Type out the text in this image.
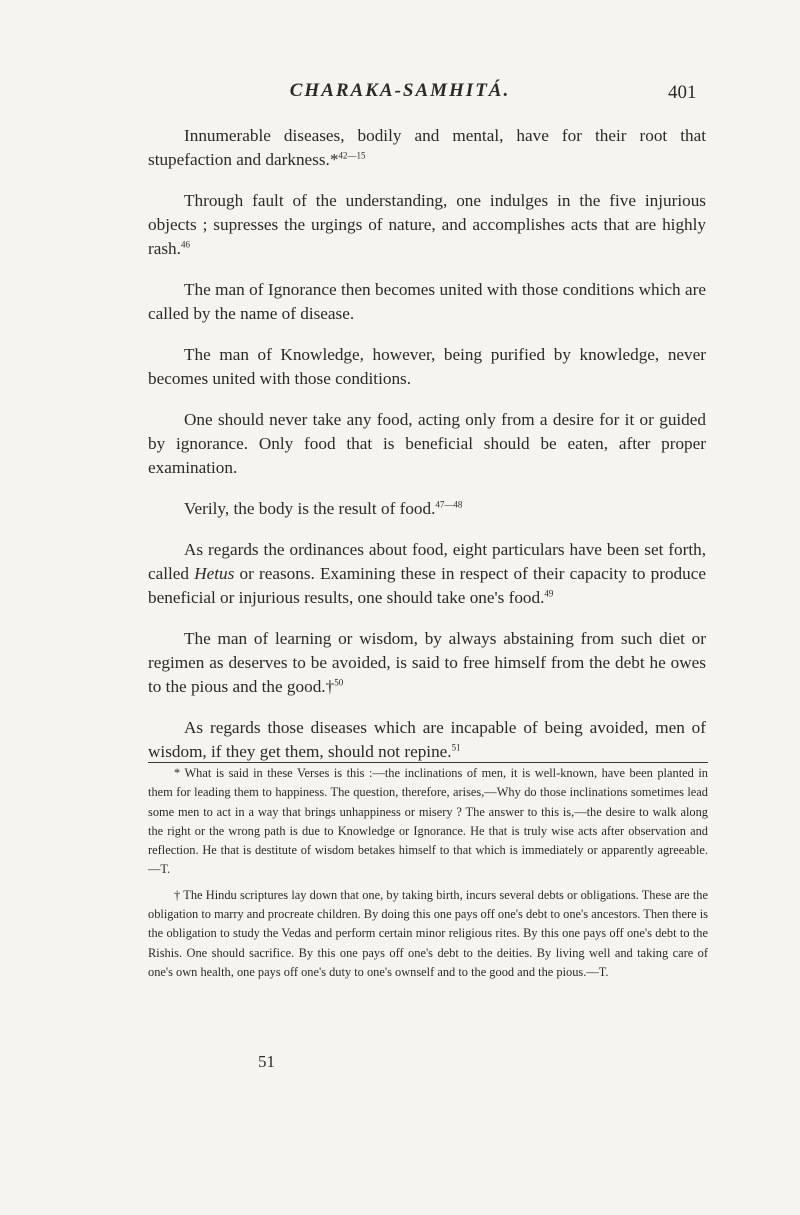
CHARAKA-SAMHITÁ.	401

Innumerable diseases, bodily and mental, have for their root that stupefaction and darkness.*$^{42—15}$

Through fault of the understanding, one indulges in the five injurious objects ; supresses the urgings of nature, and accomplishes acts that are highly rash.$^{46}$

The man of Ignorance then becomes united with those conditions which are called by the name of disease.

The man of Knowledge, however, being purified by knowledge, never becomes united with those conditions.

One should never take any food, acting only from a desire for it or guided by ignorance. Only food that is beneficial should be eaten, after proper examination.

Verily, the body is the result of food.$^{47—48}$

As regards the ordinances about food, eight particulars have been set forth, called Hetus or reasons. Examining these in respect of their capacity to produce beneficial or injurious results, one should take one's food.$^{49}$

The man of learning or wisdom, by always abstaining from such diet or regimen as deserves to be avoided, is said to free himself from the debt he owes to the pious and the good.†$^{50}$

As regards those diseases which are incapable of being avoided, men of wisdom, if they get them, should not repine.$^{51}$

* What is said in these Verses is this :—the inclinations of men, it is well-known, have been planted in them for leading them to happiness. The question, therefore, arises,—Why do those inclinations sometimes lead some men to act in a way that brings unhappiness or misery ? The answer to this is,—the desire to walk along the right or the wrong path is due to Knowledge or Ignorance. He that is truly wise acts after observation and reflection. He that is destitute of wisdom betakes himself to that which is immediately or apparently agreeable.—T.

† The Hindu scriptures lay down that one, by taking birth, incurs several debts or obligations. These are the obligation to marry and procreate children. By doing this one pays off one's debt to one's ancestors. Then there is the obligation to study the Vedas and perform certain minor religious rites. By this one pays off one's debt to the Rishis. One should sacrifice. By this one pays off one's debt to the deities. By living well and taking care of one's own health, one pays off one's duty to one's ownself and to the good and the pious.—T.

51
